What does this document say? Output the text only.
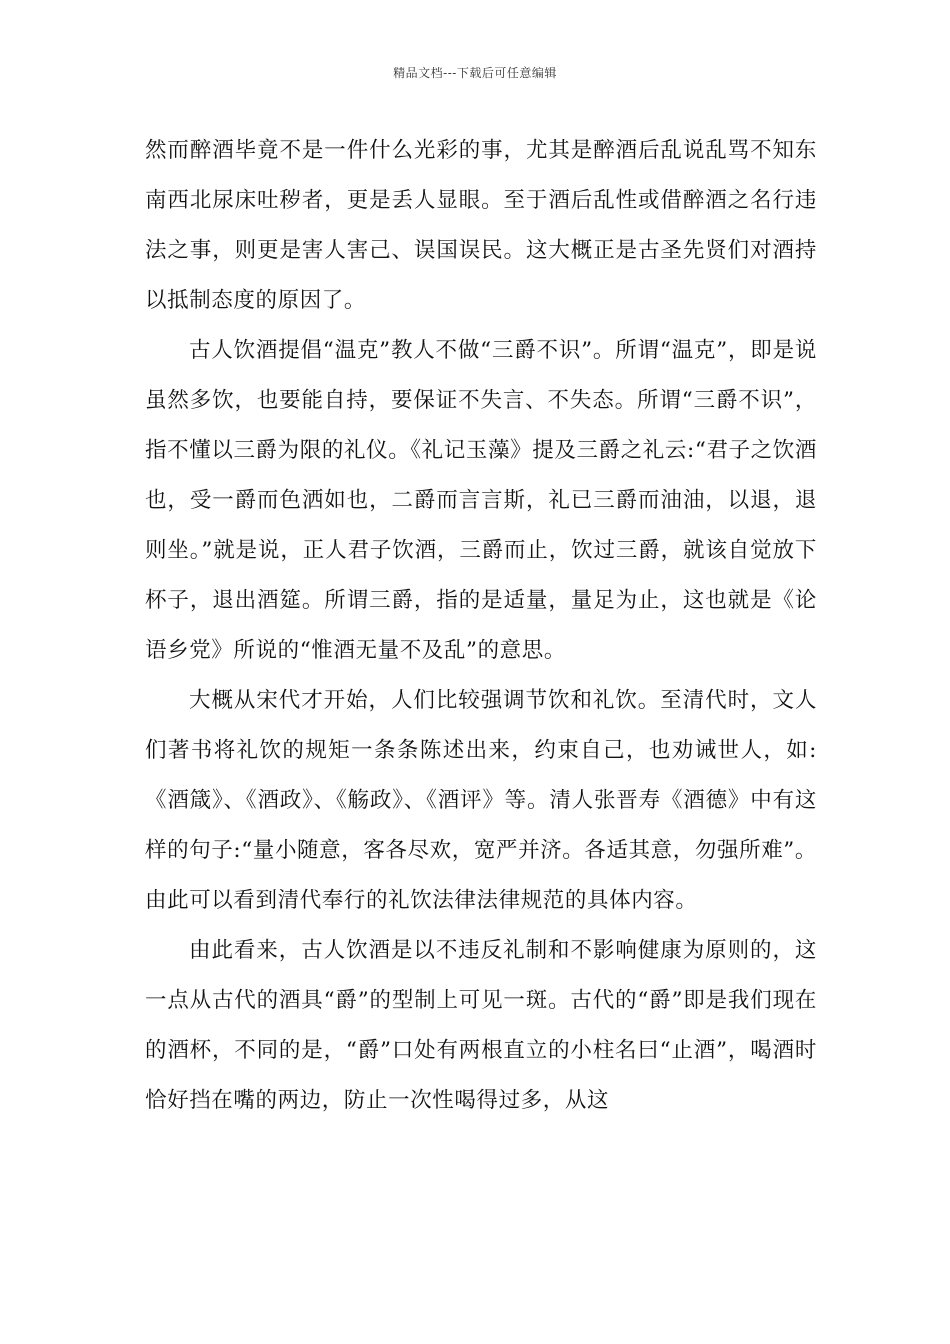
精品文档---下载后可任意编辑

然而醉酒毕竟不是一件什么光彩的事，尤其是醉酒后乱说乱骂不知东南西北尿床吐秽者，更是丢人显眼。至于酒后乱性或借醉酒之名行违法之事，则更是害人害己、误国误民。这大概正是古圣先贤们对酒持以抵制态度的原因了。

古人饮酒提倡“温克”教人不做“三爵不识”。所谓“温克”，即是说虽然多饮，也要能自持，要保证不失言、不失态。所谓“三爵不识”，指不懂以三爵为限的礼仪。《礼记玉藻》提及三爵之礼云:“君子之饮酒也，受一爵而色洒如也，二爵而言言斯，礼已三爵而油油，以退，退则坐。”就是说，正人君子饮酒，三爵而止，饮过三爵，就该自觉放下杯子，退出酒筵。所谓三爵，指的是适量，量足为止，这也就是《论语乡党》所说的“惟酒无量不及乱”的意思。

大概从宋代才开始，人们比较强调节饮和礼饮。至清代时，文人们著书将礼饮的规矩一条条陈述出来，约束自己，也劝诫世人，如:《酒箴》、《酒政》、《觞政》、《酒评》等。清人张晋寿《酒德》中有这样的句子:“量小随意，客各尽欢，宽严并济。各适其意，勿强所难”。由此可以看到清代奉行的礼饮法律法律规范的具体内容。

由此看来，古人饮酒是以不违反礼制和不影响健康为原则的，这一点从古代的酒具“爵”的型制上可见一斑。古代的“爵”即是我们现在的酒杯，不同的是，“爵”口处有两根直立的小柱名曰“止酒”，喝酒时恰好挡在嘴的两边，防止一次性喝得过多，从这
